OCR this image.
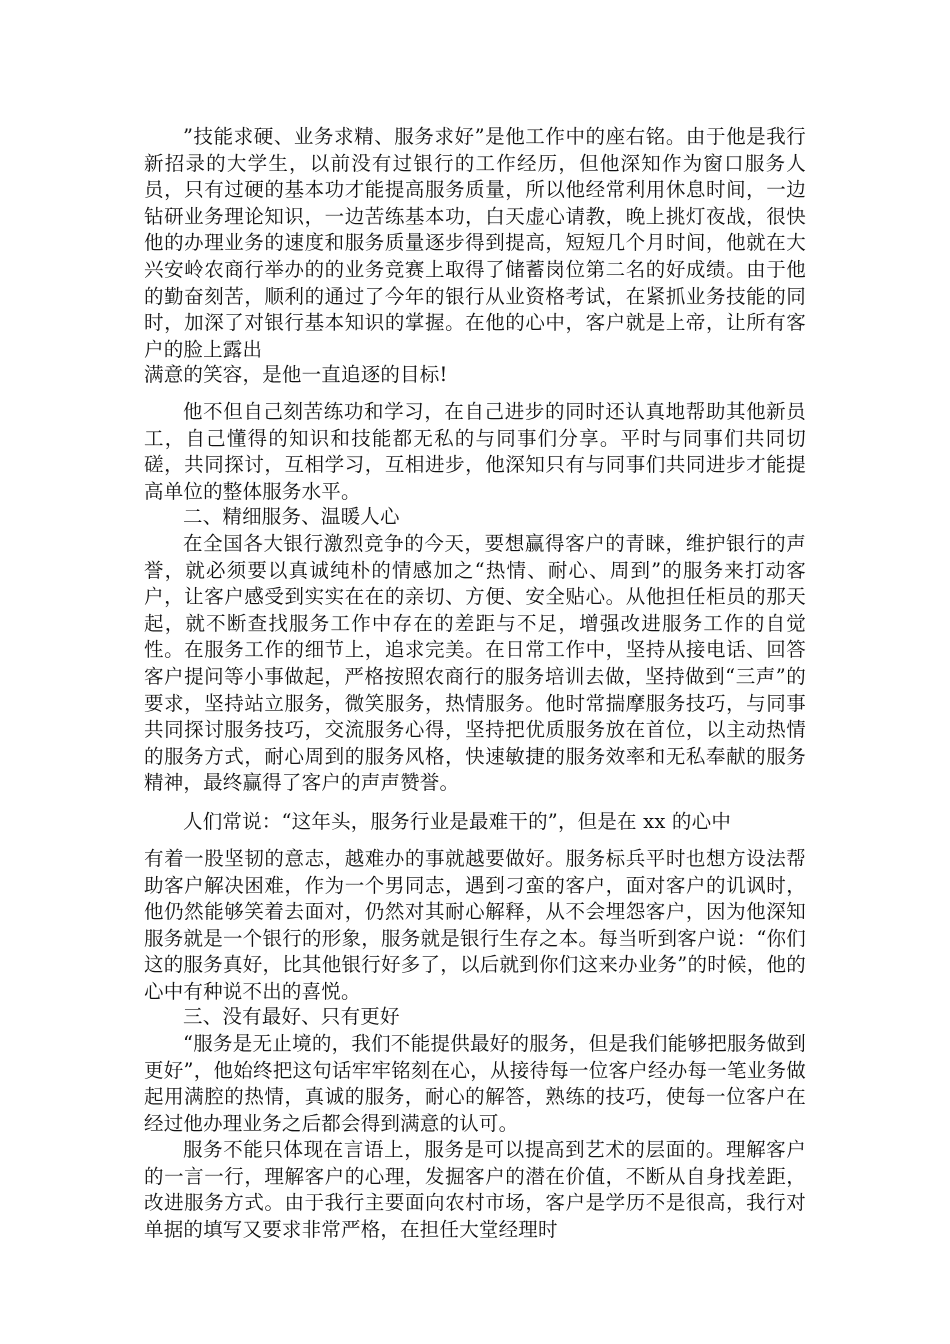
”技能求硬、业务求精、服务求好”是他工作中的座右铭。由于他是我行新招录的大学生，以前没有过银行的工作经历，但他深知作为窗口服务人员，只有过硬的基本功才能提高服务质量，所以他经常利用休息时间，一边钻研业务理论知识，一边苦练基本功，白天虚心请教，晚上挑灯夜战，很快他的办理业务的速度和服务质量逐步得到提高，短短几个月时间，他就在大兴安岭农商行举办的的业务竞赛上取得了储蓄岗位第二名的好成绩。由于他的勤奋刻苦，顺利的通过了今年的银行从业资格考试，在紧抓业务技能的同时，加深了对银行基本知识的掌握。在他的心中，客户就是上帝，让所有客户的脸上露出

满意的笑容，是他一直追逐的目标!

他不但自己刻苦练功和学习，在自己进步的同时还认真地帮助其他新员工，自己懂得的知识和技能都无私的与同事们分享。平时与同事们共同切磋，共同探讨，互相学习，互相进步，他深知只有与同事们共同进步才能提高单位的整体服务水平。

二、精细服务、温暖人心

在全国各大银行激烈竞争的今天，要想赢得客户的青睐，维护银行的声誉，就必须要以真诚纯朴的情感加之“热情、耐心、周到”的服务来打动客户，让客户感受到实实在在的亲切、方便、安全贴心。从他担任柜员的那天起，就不断查找服务工作中存在的差距与不足，增强改进服务工作的自觉性。在服务工作的细节上，追求完美。在日常工作中，坚持从接电话、回答客户提问等小事做起，严格按照农商行的服务培训去做，坚持做到“三声”的要求，坚持站立服务，微笑服务，热情服务。他时常揣摩服务技巧，与同事共同探讨服务技巧，交流服务心得，坚持把优质服务放在首位，以主动热情的服务方式，耐心周到的服务风格，快速敏捷的服务效率和无私奉献的服务精神，最终赢得了客户的声声赞誉。

人们常说：“这年头，服务行业是最难干的”，但是在 xx 的心中

有着一股坚韧的意志，越难办的事就越要做好。服务标兵平时也想方设法帮助客户解决困难，作为一个男同志，遇到刁蛮的客户，面对客户的讥讽时，他仍然能够笑着去面对，仍然对其耐心解释，从不会埋怨客户，因为他深知服务就是一个银行的形象，服务就是银行生存之本。每当听到客户说：“你们这的服务真好，比其他银行好多了，以后就到你们这来办业务”的时候，他的心中有种说不出的喜悦。

三、没有最好、只有更好

“服务是无止境的，我们不能提供最好的服务，但是我们能够把服务做到更好”，他始终把这句话牢牢铭刻在心，从接待每一位客户经办每一笔业务做起用满腔的热情，真诚的服务，耐心的解答，熟练的技巧，使每一位客户在经过他办理业务之后都会得到满意的认可。

服务不能只体现在言语上，服务是可以提高到艺术的层面的。理解客户的一言一行，理解客户的心理，发掘客户的潜在价值，不断从自身找差距，改进服务方式。由于我行主要面向农村市场，客户是学历不是很高，我行对单据的填写又要求非常严格，在担任大堂经理时
